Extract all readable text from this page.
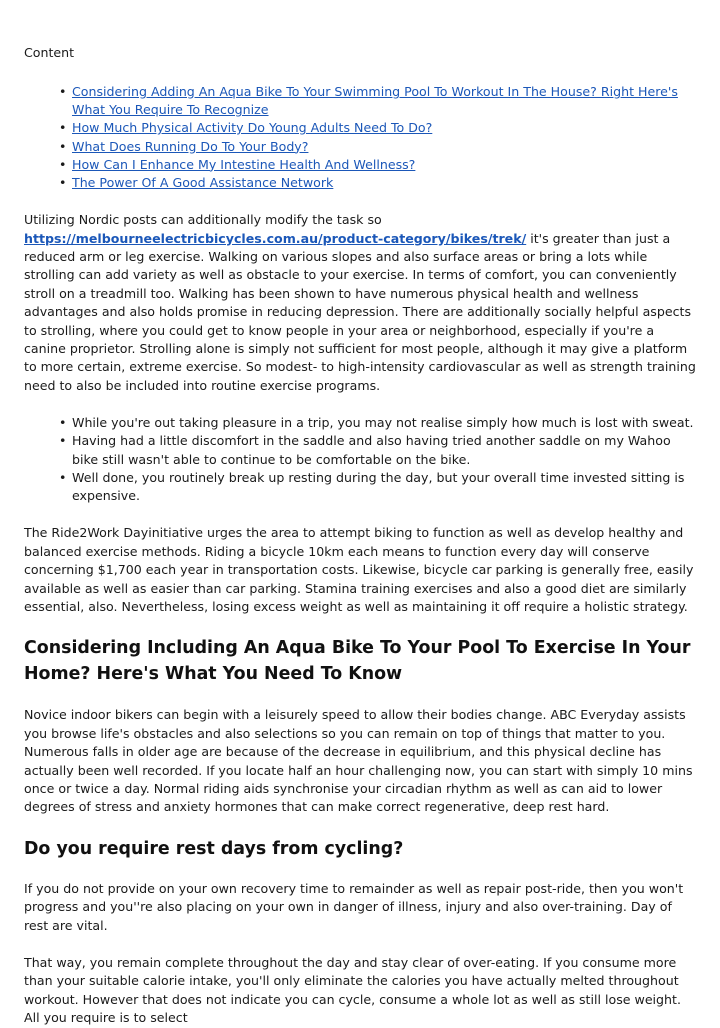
Content
• Considering Adding An Aqua Bike To Your Swimming Pool To Workout In The House? Right Here's What You Require To Recognize
• How Much Physical Activity Do Young Adults Need To Do?
• What Does Running Do To Your Body?
• How Can I Enhance My Intestine Health And Wellness?
• The Power Of A Good Assistance Network

Utilizing Nordic posts can additionally modify the task so https://melbourneelectricbicycles.com.au/product-category/bikes/trek/ it's greater than just a reduced arm or leg exercise. Walking on various slopes and also surface areas or bring a lots while strolling can add variety as well as obstacle to your exercise. In terms of comfort, you can conveniently stroll on a treadmill too. Walking has been shown to have numerous physical health and wellness advantages and also holds promise in reducing depression. There are additionally socially helpful aspects to strolling, where you could get to know people in your area or neighborhood, especially if you're a canine proprietor. Strolling alone is simply not sufficient for most people, although it may give a platform to more certain, extreme exercise. So modest- to high-intensity cardiovascular as well as strength training need to also be included into routine exercise programs.

• While you're out taking pleasure in a trip, you may not realise simply how much is lost with sweat.
• Having had a little discomfort in the saddle and also having tried another saddle on my Wahoo bike still wasn't able to continue to be comfortable on the bike.
• Well done, you routinely break up resting during the day, but your overall time invested sitting is expensive.

The Ride2Work Dayinitiative urges the area to attempt biking to function as well as develop healthy and balanced exercise methods. Riding a bicycle 10km each means to function every day will conserve concerning $1,700 each year in transportation costs. Likewise, bicycle car parking is generally free, easily available as well as easier than car parking. Stamina training exercises and also a good diet are similarly essential, also. Nevertheless, losing excess weight as well as maintaining it off require a holistic strategy.

Considering Including An Aqua Bike To Your Pool To Exercise In Your Home? Here's What You Need To Know

Novice indoor bikers can begin with a leisurely speed to allow their bodies change. ABC Everyday assists you browse life's obstacles and also selections so you can remain on top of things that matter to you. Numerous falls in older age are because of the decrease in equilibrium, and this physical decline has actually been well recorded. If you locate half an hour challenging now, you can start with simply 10 mins once or twice a day. Normal riding aids synchronise your circadian rhythm as well as can aid to lower degrees of stress and anxiety hormones that can make correct regenerative, deep rest hard.

Do you require rest days from cycling?

If you do not provide on your own recovery time to remainder as well as repair post-ride, then you won't progress and you''re also placing on your own in danger of illness, injury and also over-training. Day of rest are vital.

That way, you remain complete throughout the day and stay clear of over-eating. If you consume more than your suitable calorie intake, you'll only eliminate the calories you have actually melted throughout workout. However that does not indicate you can cycle, consume a whole lot as well as still lose weight. All you require is to select
